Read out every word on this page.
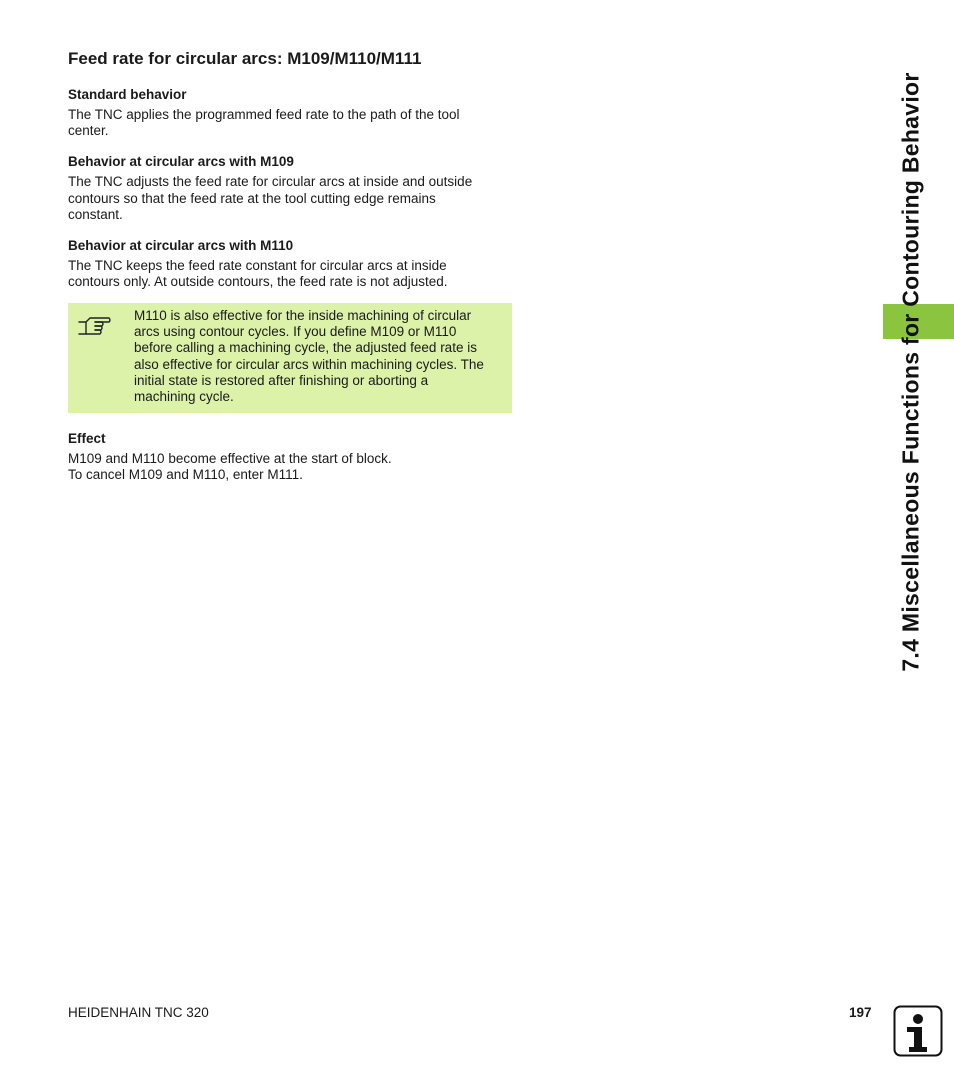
Feed rate for circular arcs: M109/M110/M111
Standard behavior

The TNC applies the programmed feed rate to the path of the tool
center.

Behavior at circular arcs with M109

The TNC adjusts the feed rate for circular arcs at inside and outside
contours so that the feed rate at the tool cutting edge remains
constant.

Behavior at circular arcs with M110

The TNC keeps the feed rate constant for circular arcs at inside
contours only. At outside contours, the feed rate is not adjusted.

M110 is also effective for the inside machining of circular
arcs using contour cycles. If you define M109 or M110
before calling a machining cycle, the adjusted feed rate is
also effective for circular arcs within machining cycles. The
initial state is restored after finishing or aborting a
machining cycle.
Effect

M109 and M110 become effective at the start of block.
To cancel M109 and M110, enter M111.	7.4 Miscellaneous Functions for Contouring Behavior
HEIDENHAIN TNC 320	197
